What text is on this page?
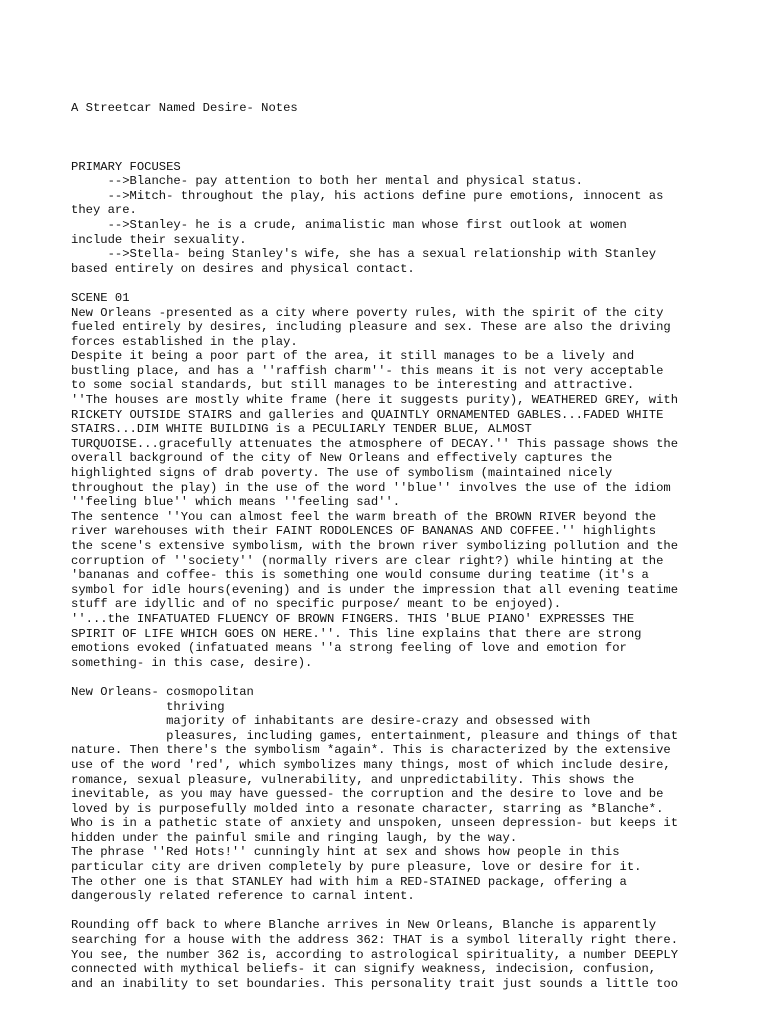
A Streetcar Named Desire- Notes

PRIMARY FOCUSES
-->Blanche- pay attention to both her mental and physical status.
-->Mitch- throughout the play, his actions define pure emotions, innocent as
they are.
-->Stanley- he is a crude, animalistic man whose first outlook at women
include their sexuality.
-->Stella- being Stanley's wife, she has a sexual relationship with Stanley
based entirely on desires and physical contact.
SCENE 01
New Orleans -presented as a city where poverty rules, with the spirit of the city
fueled entirely by desires, including pleasure and sex. These are also the driving
forces established in the play.
Despite it being a poor part of the area, it still manages to be a lively and
bustling place, and has a ''raffish charm''- this means it is not very acceptable
to some social standards, but still manages to be interesting and attractive.
''The houses are mostly white frame (here it suggests purity), WEATHERED GREY, with
RICKETY OUTSIDE STAIRS and galleries and QUAINTLY ORNAMENTED GABLES...FADED WHITE
STAIRS...DIM WHITE BUILDING is a PECULIARLY TENDER BLUE, ALMOST
TURQUOISE...gracefully attenuates the atmosphere of DECAY.'' This passage shows the
overall background of the city of New Orleans and effectively captures the
highlighted signs of drab poverty. The use of symbolism (maintained nicely
throughout the play) in the use of the word ''blue'' involves the use of the idiom
''feeling blue'' which means ''feeling sad''.
The sentence ''You can almost feel the warm breath of the BROWN RIVER beyond the
river warehouses with their FAINT RODOLENCES OF BANANAS AND COFFEE.'' highlights
the scene's extensive symbolism, with the brown river symbolizing pollution and the
corruption of ''society'' (normally rivers are clear right?) while hinting at the
'bananas and coffee- this is something one would consume during teatime (it's a
symbol for idle hours(evening) and is under the impression that all evening teatime
stuff are idyllic and of no specific purpose/ meant to be enjoyed).
''...the INFATUATED FLUENCY OF BROWN FINGERS. THIS 'BLUE PIANO' EXPRESSES THE
SPIRIT OF LIFE WHICH GOES ON HERE.''. This line explains that there are strong
emotions evoked (infatuated means ''a strong feeling of love and emotion for
something- in this case, desire).
New Orleans- cosmopolitan
thriving
majority of inhabitants are desire-crazy and obsessed with
pleasures, including games, entertainment, pleasure and things of that
nature. Then there's the symbolism *again*. This is characterized by the extensive
use of the word 'red', which symbolizes many things, most of which include desire,
romance, sexual pleasure, vulnerability, and unpredictability. This shows the
inevitable, as you may have guessed- the corruption and the desire to love and be
loved by is purposefully molded into a resonate character, starring as *Blanche*.
Who is in a pathetic state of anxiety and unspoken, unseen depression- but keeps it
hidden under the painful smile and ringing laugh, by the way.
The phrase ''Red Hots!'' cunningly hint at sex and shows how people in this
particular city are driven completely by pure pleasure, love or desire for it.
The other one is that STANLEY had with him a RED-STAINED package, offering a
dangerously related reference to carnal intent.
Rounding off back to where Blanche arrives in New Orleans, Blanche is apparently
searching for a house with the address 362: THAT is a symbol literally right there.
You see, the number 362 is, according to astrological spirituality, a number DEEPLY
connected with mythical beliefs- it can signify weakness, indecision, confusion,
and an inability to set boundaries. This personality trait just sounds a little too
